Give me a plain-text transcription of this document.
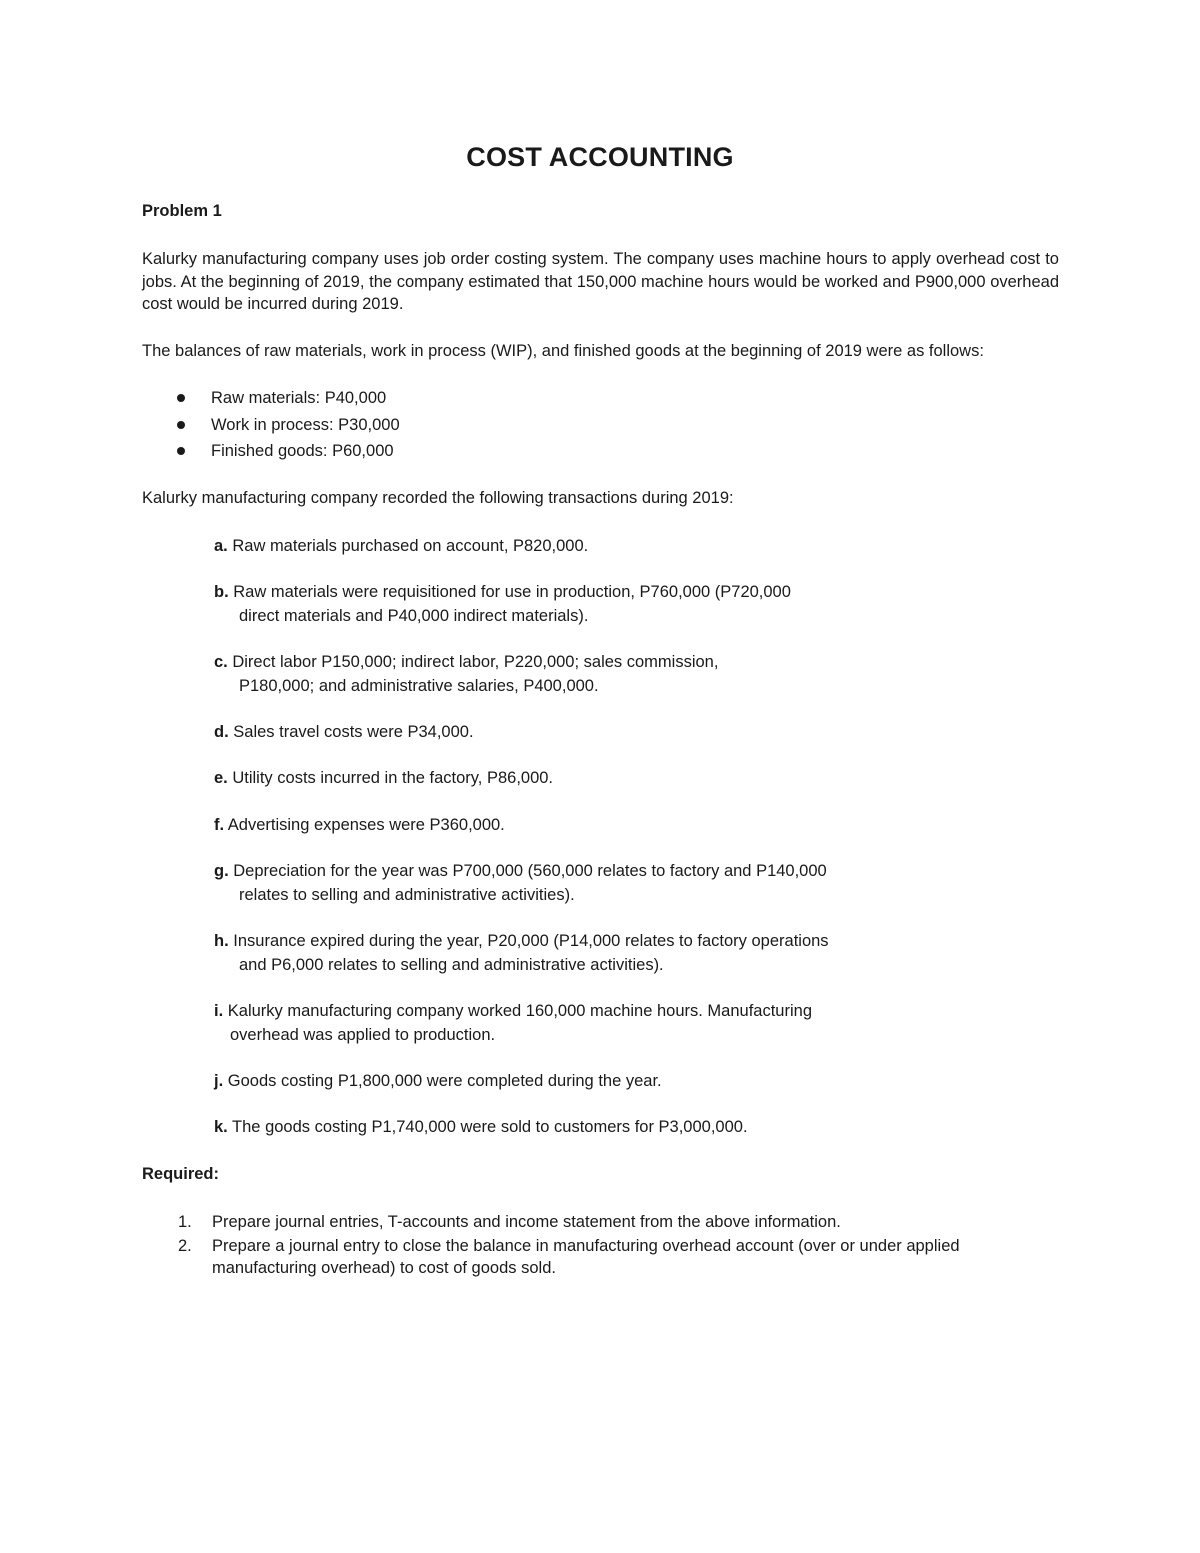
COST ACCOUNTING
Problem 1
Kalurky manufacturing company uses job order costing system. The company uses machine hours to apply overhead cost to jobs. At the beginning of 2019, the company estimated that 150,000 machine hours would be worked and P900,000 overhead cost would be incurred during 2019.
The balances of raw materials, work in process (WIP), and finished goods at the beginning of 2019 were as follows:
Raw materials: P40,000
Work in process: P30,000
Finished goods: P60,000
Kalurky manufacturing company recorded the following transactions during 2019:
a. Raw materials purchased on account, P820,000.
b. Raw materials were requisitioned for use in production, P760,000 (P720,000
direct materials and P40,000 indirect materials).
c. Direct labor P150,000; indirect labor, P220,000; sales commission,
P180,000; and administrative salaries, P400,000.
d. Sales travel costs were P34,000.
e. Utility costs incurred in the factory, P86,000.
f. Advertising expenses were P360,000.
g. Depreciation for the year was P700,000 (560,000 relates to factory and P140,000
relates to selling and administrative activities).
h. Insurance expired during the year, P20,000 (P14,000 relates to factory operations
and P6,000 relates to selling and administrative activities).
i. Kalurky manufacturing company worked 160,000 machine hours. Manufacturing
overhead was applied to production.
j. Goods costing P1,800,000 were completed during the year.
k. The goods costing P1,740,000 were sold to customers for P3,000,000.
Required:
1. Prepare journal entries, T-accounts and income statement from the above information.
2. Prepare a journal entry to close the balance in manufacturing overhead account (over or under applied manufacturing overhead) to cost of goods sold.
